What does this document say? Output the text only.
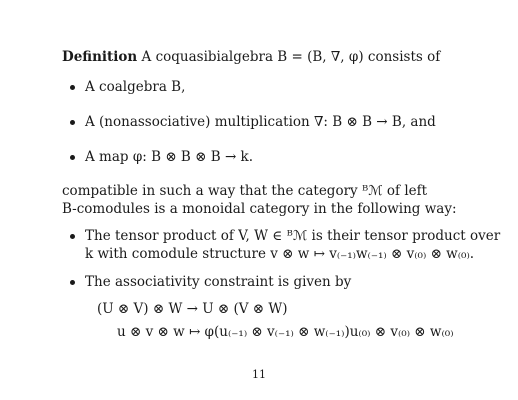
Definition A coquasibialgebra B = (B, ∇, φ) consists of
A coalgebra B,
A (nonassociative) multiplication ∇: B ⊗ B → B, and
A map φ: B ⊗ B ⊗ B → k.
compatible in such a way that the category ᴮℳ of left
B-comodules is a monoidal category in the following way:
The tensor product of V, W ∈ ᴮℳ is their tensor product over
k with comodule structure v ⊗ w ↦ v₍₋₁₎w₍₋₁₎ ⊗ v₍₀₎ ⊗ w₍₀₎.
The associativity constraint is given by
(U ⊗ V) ⊗ W → U ⊗ (V ⊗ W)
u ⊗ v ⊗ w ↦ φ(u₍₋₁₎ ⊗ v₍₋₁₎ ⊗ w₍₋₁₎)u₍₀₎ ⊗ v₍₀₎ ⊗ w₍₀₎
11
